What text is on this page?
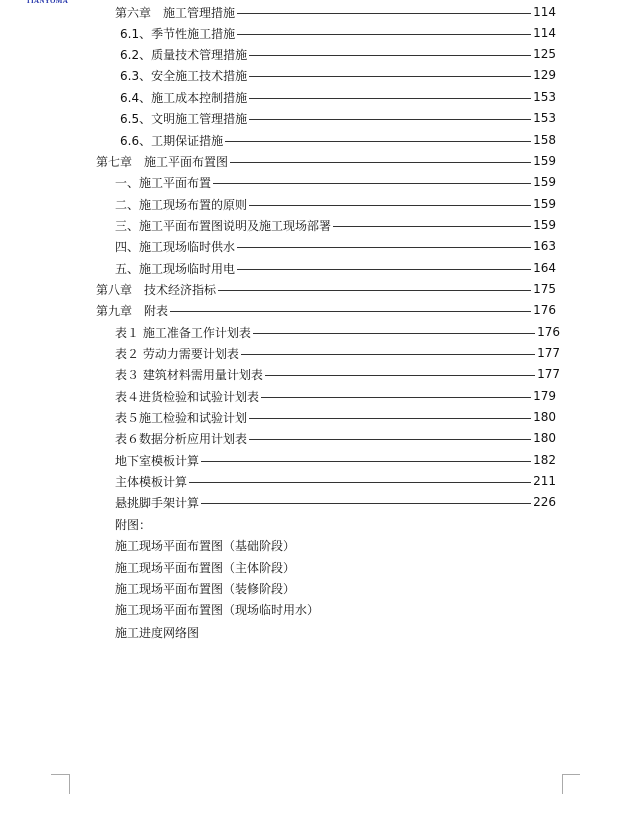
TIANYOMA
第六章　施工管理措施	114
6.1、季节性施工措施	114
6.2、质量技术管理措施	125
6.3、安全施工技术措施	129
6.4、施工成本控制措施	153
6.5、文明施工管理措施	153
6.6、工期保证措施	158
第七章　施工平面布置图	159
一、施工平面布置	159
二、施工现场布置的原则	159
三、施工平面布置图说明及施工现场部署	159
四、施工现场临时供水	163
五、施工现场临时用电	164
第八章　技术经济指标	175
第九章　附表	176
表１ 施工准备工作计划表	176
表２ 劳动力需要计划表	177
表３ 建筑材料需用量计划表	177
表４进货检验和试验计划表	179
表５施工检验和试验计划	180
表６数据分析应用计划表	180
地下室模板计算	182
主体模板计算	211
悬挑脚手架计算	226
附图：
施工现场平面布置图（基础阶段）
施工现场平面布置图（主体阶段）
施工现场平面布置图（装修阶段）
施工现场平面布置图（现场临时用水）
施工进度网络图
